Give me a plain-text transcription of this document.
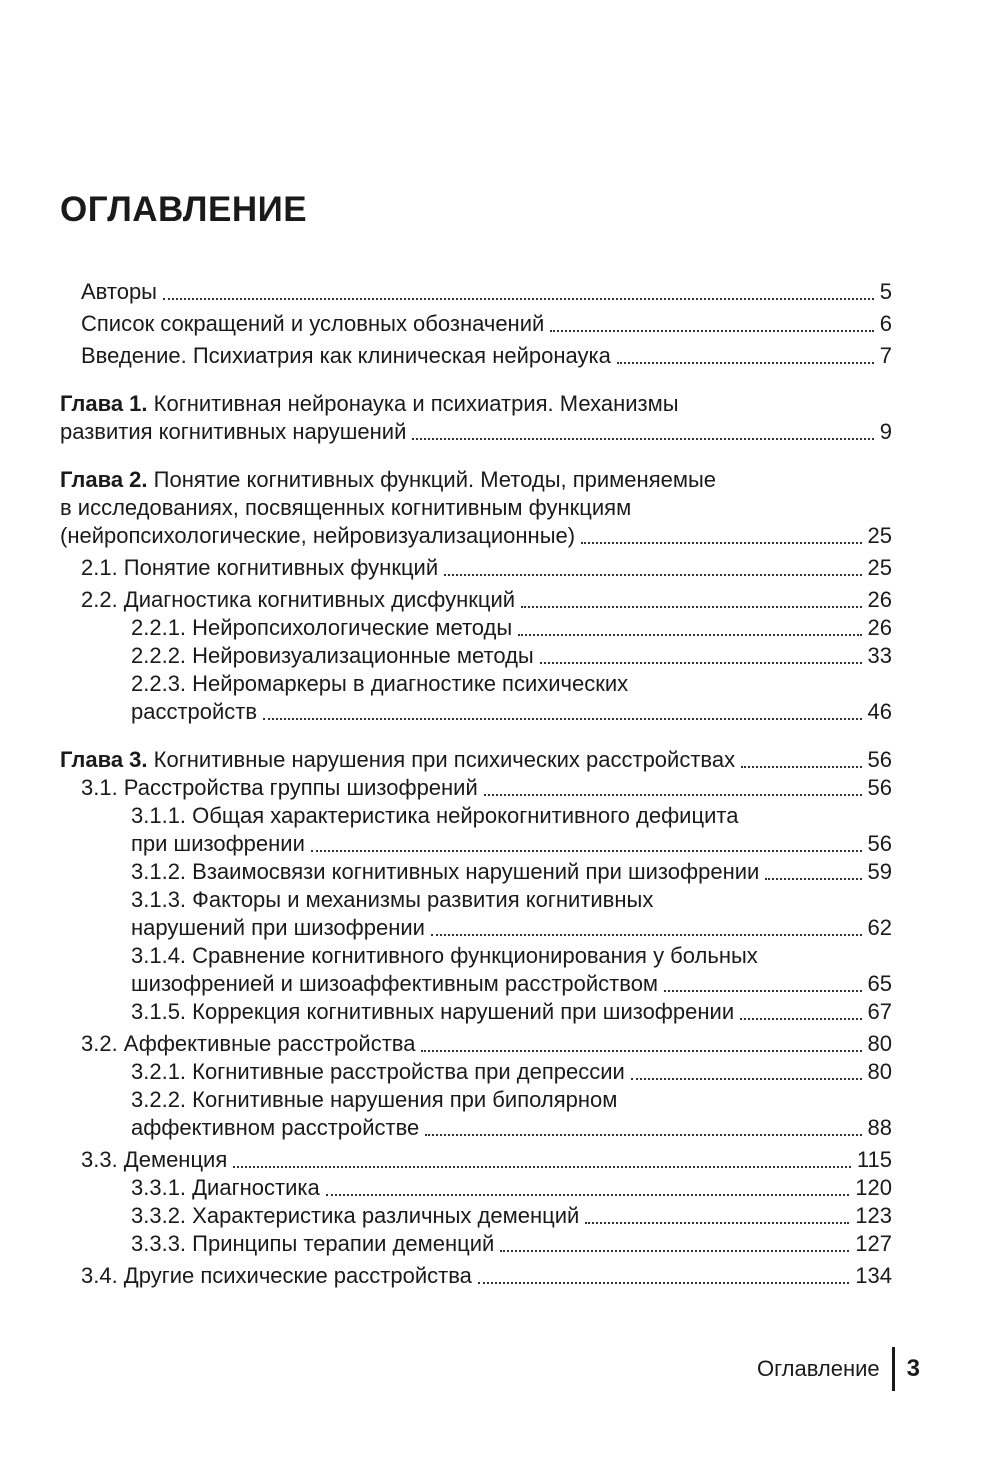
ОГЛАВЛЕНИЕ
Авторы	5
Список сокращений и условных обозначений	6
Введение. Психиатрия как клиническая нейронаука	7
Глава 1. Когнитивная нейронаука и психиатрия. Механизмы
развития когнитивных нарушений	9
Глава 2. Понятие когнитивных функций. Методы, применяемые
в исследованиях, посвященных когнитивным функциям
(нейропсихологические, нейровизуализационные)	25
2.1. Понятие когнитивных функций	25
2.2. Диагностика когнитивных дисфункций	26
2.2.1. Нейропсихологические методы	26
2.2.2. Нейровизуализационные методы	33
2.2.3. Нейромаркеры в диагностике психических
расстройств	46
Глава 3. Когнитивные нарушения при психических расстройствах	56
3.1. Расстройства группы шизофрений	56
3.1.1. Общая характеристика нейрокогнитивного дефицита
при шизофрении	56
3.1.2. Взаимосвязи когнитивных нарушений при шизофрении	59
3.1.3. Факторы и механизмы развития когнитивных
нарушений при шизофрении	62
3.1.4. Сравнение когнитивного функционирования у больных
шизофренией и шизоаффективным расстройством	65
3.1.5. Коррекция когнитивных нарушений при шизофрении	67
3.2. Аффективные расстройства	80
3.2.1. Когнитивные расстройства при депрессии	80
3.2.2. Когнитивные нарушения при биполярном
аффективном расстройстве	88
3.3. Деменция	115
3.3.1. Диагностика	120
3.3.2. Характеристика различных деменций	123
3.3.3. Принципы терапии деменций	127
3.4. Другие психические расстройства	134
Оглавление 3
